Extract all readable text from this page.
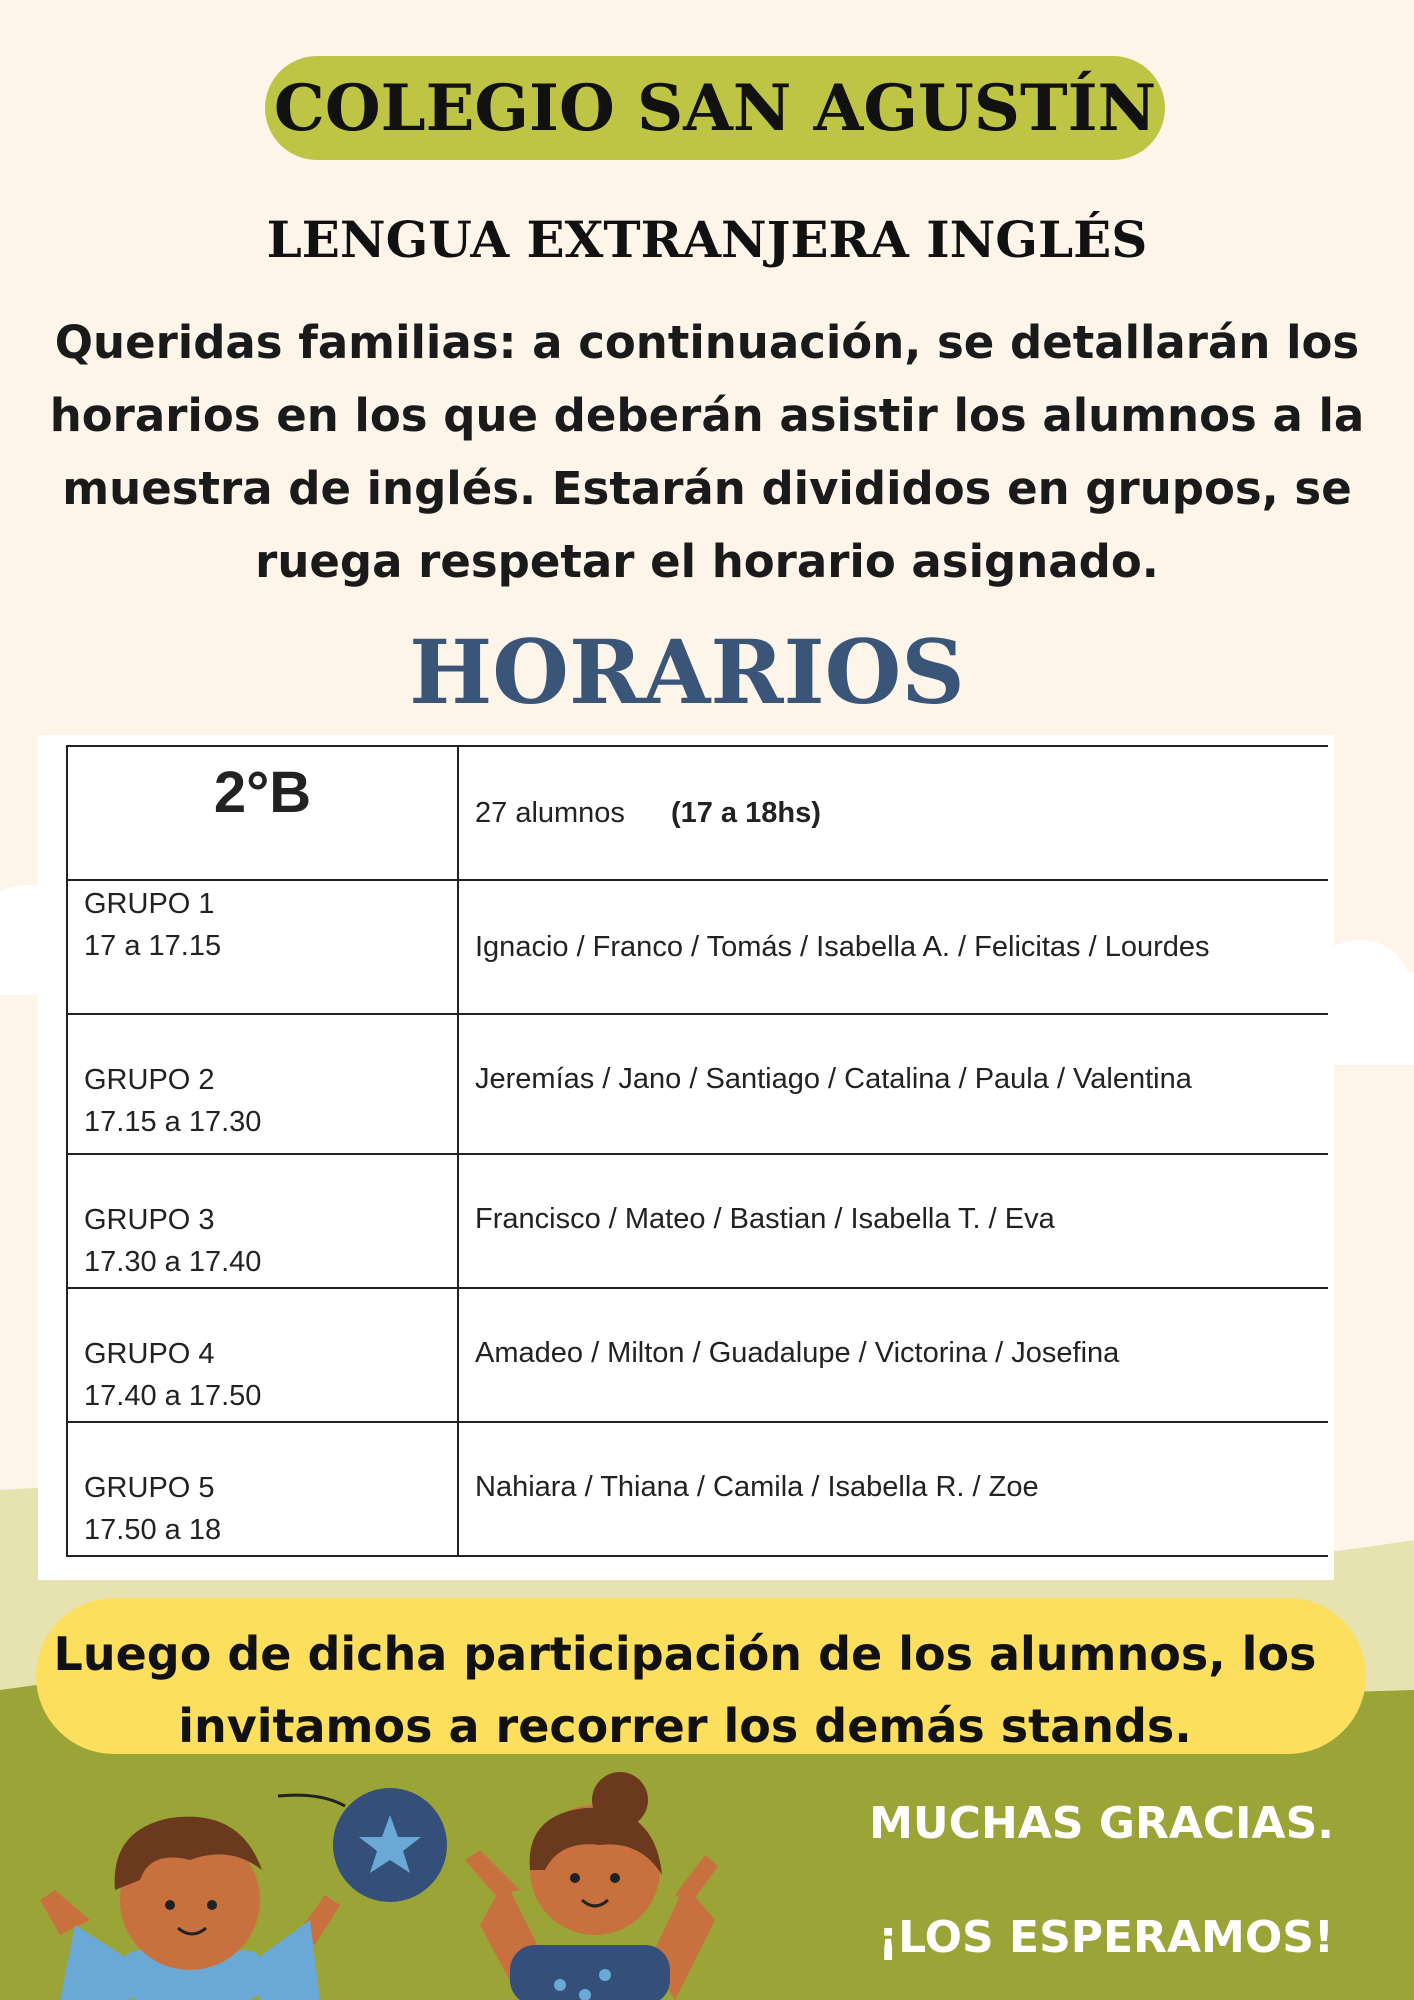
COLEGIO SAN AGUSTÍN
LENGUA EXTRANJERA INGLÉS
Queridas familias: a continuación, se detallarán los horarios en los que deberán asistir los alumnos a la muestra de inglés. Estarán divididos en grupos, se ruega respetar el horario asignado.
HORARIOS
2°B	27 alumnos (17 a 18hs)

GRUPO 1
17 a 17.15	Ignacio / Franco / Tomás / Isabella A. / Felicitas / Lourdes

GRUPO 2
17.15 a 17.30	Jeremías / Jano / Santiago / Catalina / Paula / Valentina

GRUPO 3
17.30 a 17.40	Francisco / Mateo / Bastian / Isabella T. / Eva

GRUPO 4
17.40 a 17.50	Amadeo / Milton / Guadalupe / Victorina / Josefina

GRUPO 5
17.50 a 18	Nahiara / Thiana / Camila / Isabella R. / Zoe
Luego de dicha participación de los alumnos, los invitamos a recorrer los demás stands.
MUCHAS GRACIAS.
¡LOS ESPERAMOS!
